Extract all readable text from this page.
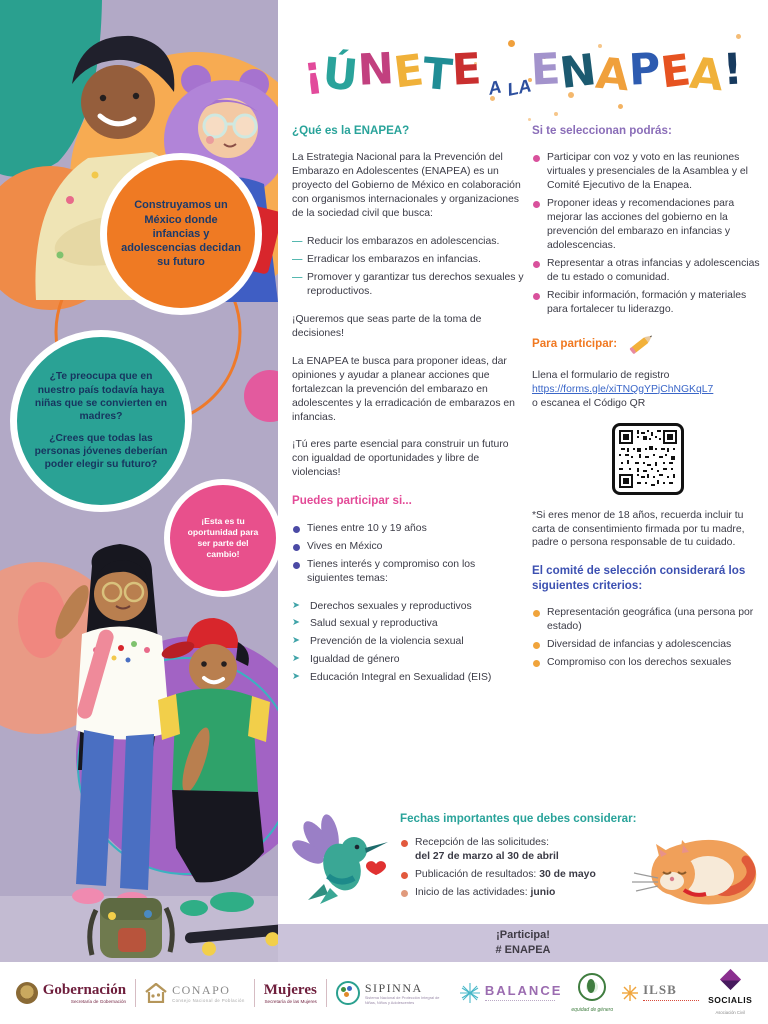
Construyamos un México donde infancias y adolescencias decidan su futuro
¿Te preocupa que en nuestro país todavía haya niñas que se convierten en madres?
¿Crees que todas las personas jóvenes deberían poder elegir su futuro?
¡Esta es tu oportunidad para ser parte del cambio!
¡
Ú
N
E
T
E A LA
E
N
A
P
E
A
!
¿Qué es la ENAPEA?

La Estrategia Nacional para la Prevención del Embarazo en Adolescentes (ENAPEA) es un proyecto del Gobierno de México en colaboración con organismos internacionales y organizaciones de la sociedad civil que busca:

— Reducir los embarazos en adolescencias.
— Erradicar los embarazos en infancias.
— Promover y garantizar tus derechos sexuales y reproductivos.

¡Queremos que seas parte de la toma de decisiones!

La ENAPEA te busca para proponer ideas, dar opiniones y ayudar a planear acciones que fortalezcan la prevención del embarazo en adolescentes y la erradicación de embarazos en infancias.

¡Tú eres parte esencial para construir un futuro con igualdad de oportunidades y libre de violencias!

Puedes participar si...
Tienes entre 10 y 19 años
Vives en México
Tienes interés y compromiso con los siguientes temas:
➤ Derechos sexuales y reproductivos
➤ Salud sexual y reproductiva
➤ Prevención de la violencia sexual
➤ Igualdad de género
➤ Educación Integral en Sexualidad (EIS)
Si te seleccionan podrás:
Participar con voz y voto en las reuniones virtuales y presenciales de la Asamblea y el Comité Ejecutivo de la Enapea.
Proponer ideas y recomendaciones para mejorar las acciones del gobierno en la prevención del embarazo en infancias y adolescencias.
Representar a otras infancias y adolescencias de tu estado o comunidad.
Recibir información, formación y materiales para fortalecer tu liderazgo.
Para participar:

Llena el formulario de registro
https://forms.gle/xiTNQgYPjChNGKqL7
o escanea el Código QR

*Si eres menor de 18 años, recuerda incluir tu carta de consentimiento firmada por tu madre, padre o persona responsable de tu cuidado.

El comité de selección considerará los siguientes criterios:
Representación geográfica (una persona por estado)
Diversidad de infancias y adolescencias
Compromiso con los derechos sexuales
Fechas importantes que debes considerar:
Recepción de las solicitudes:
del 27 de marzo al 30 de abril
Publicación de resultados: 30 de mayo
Inicio de las actividades: junio
¡Participa!
# ENAPEA
Gobernación
Secretaría de Gobernación
CONAPO
Consejo Nacional de Población
Mujeres
Secretaría de las Mujeres
SIPINNA
Sistema Nacional de Protección Integral de Niñas, Niños y Adolescentes
BALANCE
equidad de género
ILSB
SOCIALIS
Asociación Civil
